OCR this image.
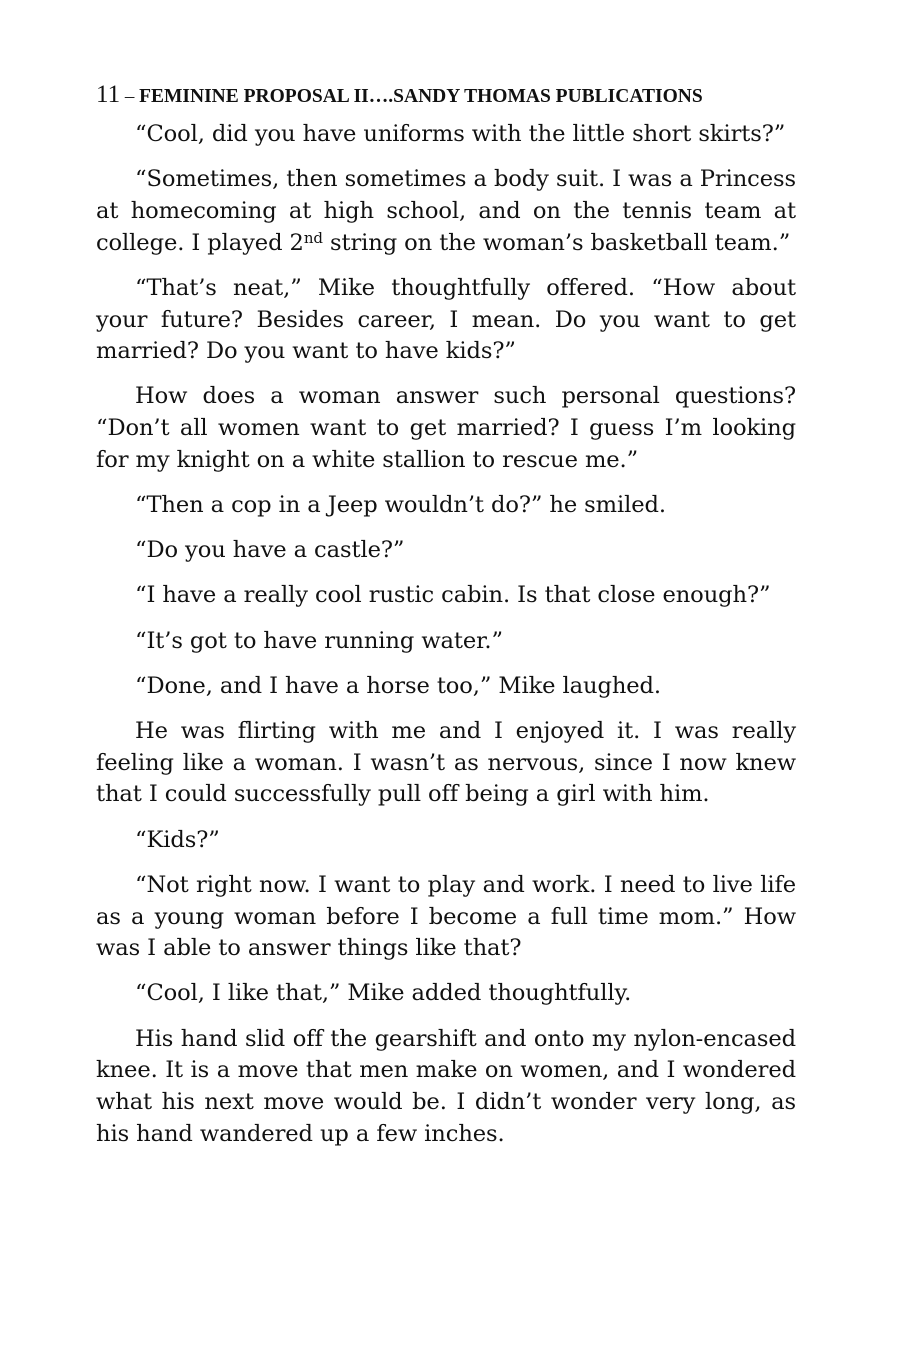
11 – FEMININE PROPOSAL II….SANDY THOMAS PUBLICATIONS

“Cool, did you have uniforms with the little short skirts?”

“Sometimes, then sometimes a body suit. I was a Princess at homecoming at high school, and on the tennis team at college. I played 2nd string on the woman’s basketball team.”

“That’s neat,” Mike thoughtfully offered. “How about your future? Besides career, I mean. Do you want to get married? Do you want to have kids?”

How does a woman answer such personal questions? “Don’t all women want to get married? I guess I’m looking for my knight on a white stallion to rescue me.”

“Then a cop in a Jeep wouldn’t do?” he smiled.

“Do you have a castle?”

“I have a really cool rustic cabin. Is that close enough?”

“It’s got to have running water.”

“Done, and I have a horse too,” Mike laughed.

He was flirting with me and I enjoyed it. I was really feeling like a woman. I wasn’t as nervous, since I now knew that I could successfully pull off being a girl with him.

“Kids?”

“Not right now. I want to play and work. I need to live life as a young woman before I become a full time mom.” How was I able to answer things like that?

“Cool, I like that,” Mike added thoughtfully.

His hand slid off the gearshift and onto my nylon-encased knee. It is a move that men make on women, and I wondered what his next move would be. I didn’t wonder very long, as his hand wandered up a few inches.
